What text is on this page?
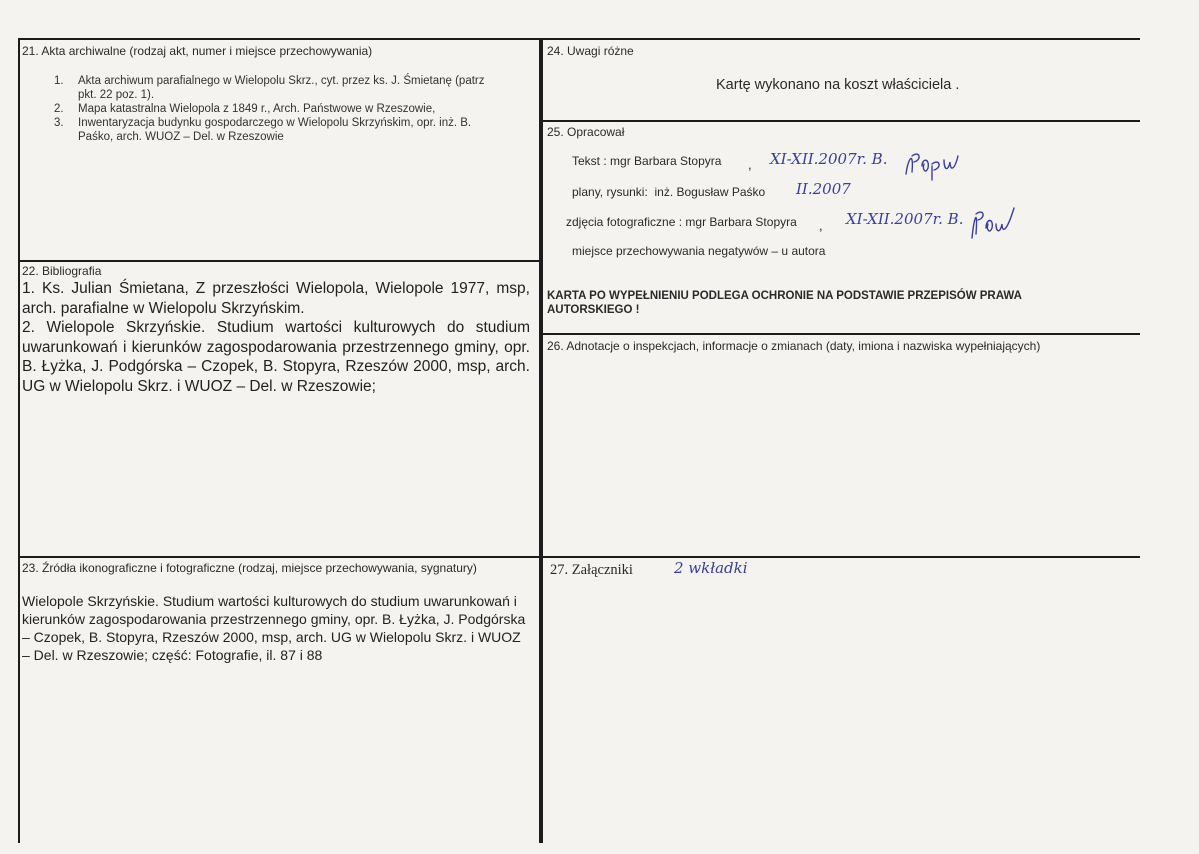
21. Akta archiwalne (rodzaj akt, numer i miejsce przechowywania)
1. Akta archiwum parafialnego w Wielopolu Skrz., cyt. przez ks. J. Śmietanę (patrz
pkt. 22 poz. 1).
2. Mapa katastralna Wielopola z 1849 r., Arch. Państwowe w Rzeszowie,
3. Inwentaryzacja budynku gospodarczego w Wielopolu Skrzyńskim, opr. inż. B.
Paśko, arch. WUOZ – Del. w Rzeszowie
22. Bibliografia

1. Ks. Julian Śmietana, Z przeszłości Wielopola, Wielopole 1977, msp, arch. parafialne w Wielopolu Skrzyńskim.

2. Wielopole Skrzyńskie. Studium wartości kulturowych do studium uwarunkowań i kierunków zagospodarowania przestrzennego gminy, opr. B. Łyżka, J. Podgórska – Czopek, B. Stopyra, Rzeszów 2000, msp, arch. UG w Wielopolu Skrz. i WUOZ – Del. w Rzeszowie;

23. Źródła ikonograficzne i fotograficzne (rodzaj, miejsce przechowywania, sygnatury)

Wielopole Skrzyńskie. Studium wartości kulturowych do studium uwarunkowań i kierunków zagospodarowania przestrzennego gminy, opr. B. Łyżka, J. Podgórska – Czopek, B. Stopyra, Rzeszów 2000, msp, arch. UG w Wielopolu Skrz. i WUOZ – Del. w Rzeszowie; część: Fotografie, il. 87 i 88

24. Uwagi różne
Kartę wykonano na koszt właściciela .
25. Opracował
Tekst : mgr Barbara Stopyra , XI-XII.2007r. B.
plany, rysunki: inż. Bogusław Paśko II.2007
zdjęcia fotograficzne : mgr Barbara Stopyra , XI-XII.2007r. B.
miejsce przechowywania negatywów – u autora
KARTA PO WYPEŁNIENIU PODLEGA OCHRONIE NA PODSTAWIE PRZEPISÓW PRAWA AUTORSKIEGO !
26. Adnotacje o inspekcjach, informacje o zmianach (daty, imiona i nazwiska wypełniających)
27. Załączniki	2 wkładki
